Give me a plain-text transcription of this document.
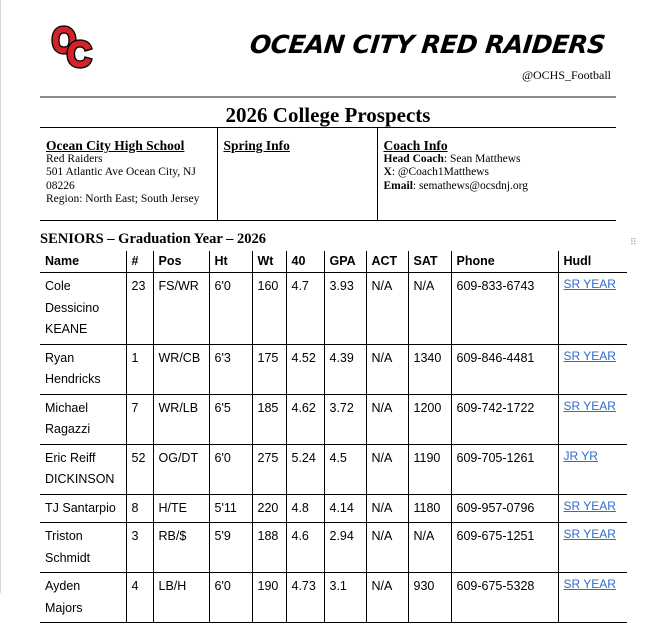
OCEAN CITY RED RAIDERS
@OCHS_Football
2026 College Prospects
Ocean City High School
Red Raiders
501 Atlantic Ave Ocean City, NJ
08226
Region: North East; South Jersey

Spring Info	Coach Info
Head Coach: Sean Matthews
X: @Coach1Matthews
Email: semathews@ocsdnj.org
SENIORS – Graduation Year – 2026	⠿
Name	#	Pos	Ht	Wt	40	GPA	ACT	SAT	Phone	Hudl

Cole
Dessicino
KEANE	23	FS/WR	6'0	160	4.7	3.93	N/A	N/A	609-833-6743	SR YEAR

Ryan
Hendricks	1	WR/CB	6'3	175	4.52	4.39	N/A	1340	609-846-4481	SR YEAR

Michael
Ragazzi	7	WR/LB	6'5	185	4.62	3.72	N/A	1200	609-742-1722	SR YEAR

Eric Reiff
DICKINSON	52	OG/DT	6'0	275	5.24	4.5	N/A	1190	609-705-1261	JR YR

TJ Santarpio	8	H/TE	5'11	220	4.8	4.14	N/A	1180	609-957-0796	SR YEAR

Triston
Schmidt	3	RB/$	5'9	188	4.6	2.94	N/A	N/A	609-675-1251	SR YEAR

Ayden
Majors	4	LB/H	6'0	190	4.73	3.1	N/A	930	609-675-5328	SR YEAR
